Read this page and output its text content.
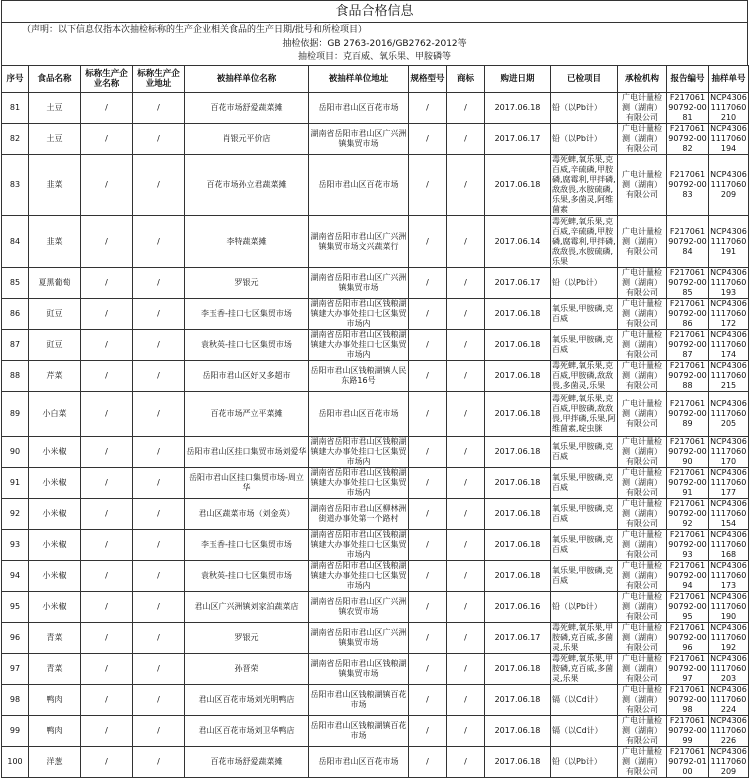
食品合格信息
（声明：以下信息仅指本次抽检标称的生产企业相关食品的生产日期/批号和所检项目）
抽检依据：GB 2763-2016/GB2762-2012等
抽检项目：克百威、氧乐果、甲胺磷等
序号	食品名称	标称生产企业名称	标称生产企业地址	被抽样单位名称	被抽样单位地址	规格型号	商标	购进日期	已检项目	承检机构	报告编号	抽样单号
81	土豆	/	/	百花市场舒爱蔬菜摊	岳阳市君山区百花市场	/	/	2017.06.18	铅（以Pb计）	广电计量检测（湖南）有限公司	F21706190792-0081	NCP43061117060210
82	土豆	/	/	肖银元平价店	湖南省岳阳市君山区广兴洲镇集贸市场	/	/	2017.06.17	铅（以Pb计）	广电计量检测（湖南）有限公司	F21706190792-0082	NCP43061117060194
83	韭菜	/	/	百花市场孙立君蔬菜摊	岳阳市君山区百花市场	/	/	2017.06.18	毒死蜱,氧乐果,克百威,辛硫磷,甲胺磷,腐霉利,甲拌磷,敌敌畏,水胺硫磷,乐果,多菌灵,阿维菌素	广电计量检测（湖南）有限公司	F21706190792-0083	NCP43061117060209
84	韭菜	/	/	李特蔬菜摊	湖南省岳阳市君山区广兴洲镇集贸市场文兴蔬菜行	/	/	2017.06.14	毒死蜱,氧乐果,克百威,辛硫磷,甲胺磷,腐霉利,甲拌磷,敌敌畏,水胺硫磷,乐果	广电计量检测（湖南）有限公司	F21706190792-0084	NCP43061117060191
85	夏黑葡萄	/	/	罗银元	湖南省岳阳市君山区广兴洲镇集贸市场	/	/	2017.06.17	铅（以Pb计）	广电计量检测（湖南）有限公司	F21706190792-0085	NCP43061117060193
86	豇豆	/	/	李玉香-挂口七区集贸市场	湖南省岳阳市君山区钱粮湖镇建大办事处挂口七区集贸市场内	/	/	2017.06.18	氧乐果,甲胺磷,克百威	广电计量检测（湖南）有限公司	F21706190792-0086	NCP43061117060172
87	豇豆	/	/	袁秋英-挂口七区集贸市场	湖南省岳阳市君山区钱粮湖镇建大办事处挂口七区集贸市场内	/	/	2017.06.18	氧乐果,甲胺磷,克百威	广电计量检测（湖南）有限公司	F21706190792-0087	NCP43061117060174
88	芹菜	/	/	岳阳市君山区好又多超市	岳阳市君山区钱粮湖镇人民东路16号	/	/	2017.06.18	毒死蜱,氧乐果,克百威,甲胺磷,敌敌畏,多菌灵,乐果	广电计量检测（湖南）有限公司	F21706190792-0088	NCP43061117060215
89	小白菜	/	/	百花市场严立平菜摊	岳阳市君山区百花市场	/	/	2017.06.18	毒死蜱,氧乐果,克百威,甲胺磷,敌敌畏,甲拌磷,乐果,阿维菌素,啶虫脒	广电计量检测（湖南）有限公司	F21706190792-0089	NCP43061117060205
90	小米椒	/	/	岳阳市君山区挂口集贸市场刘爱华	湖南省岳阳市君山区钱粮湖镇建大办事处挂口七区集贸市场内	/	/	2017.06.18	氧乐果,甲胺磷,克百威	广电计量检测（湖南）有限公司	F21706190792-0090	NCP43061117060170
91	小米椒	/	/	岳阳市君山区挂口集贸市场-周立华	湖南省岳阳市君山区钱粮湖镇建大办事处挂口七区集贸市场内	/	/	2017.06.18	氧乐果,甲胺磷,克百威	广电计量检测（湖南）有限公司	F21706190792-0091	NCP43061117060177
92	小米椒	/	/	君山区蔬菜市场（刘金英）	湖南省岳阳市君山区柳林洲街道办事处第一个路村	/	/	2017.06.18	氧乐果,甲胺磷,克百威	广电计量检测（湖南）有限公司	F21706190792-0092	NCP43061117060154
93	小米椒	/	/	李玉香-挂口七区集贸市场	湖南省岳阳市君山区钱粮湖镇建大办事处挂口七区集贸市场内	/	/	2017.06.18	氧乐果,甲胺磷,克百威	广电计量检测（湖南）有限公司	F21706190792-0093	NCP43061117060168
94	小米椒	/	/	袁秋英-挂口七区集贸市场	湖南省岳阳市君山区钱粮湖镇建大办事处挂口七区集贸市场内	/	/	2017.06.18	氧乐果,甲胺磷,克百威	广电计量检测（湖南）有限公司	F21706190792-0094	NCP43061117060173
95	小米椒	/	/	君山区广兴洲镇刘家泊蔬菜店	湖南省岳阳市君山区广兴洲镇农贸市场	/	/	2017.06.16	铅（以Pb计）	广电计量检测（湖南）有限公司	F21706190792-0095	NCP43061117060190
96	青菜	/	/	罗银元	湖南省岳阳市君山区广兴洲镇集贸市场	/	/	2017.06.17	毒死蜱,氧乐果,甲胺磷,克百威,多菌灵,乐果	广电计量检测（湖南）有限公司	F21706190792-0096	NCP43061117060192
97	青菜	/	/	孙晋荣	湖南省岳阳市君山区钱粮湖镇集贸市场	/	/	2017.06.18	毒死蜱,氧乐果,甲胺磷,克百威,多菌灵,乐果	广电计量检测（湖南）有限公司	F21706190792-0097	NCP43061117060203
98	鸭肉	/	/	君山区百花市场刘光明鸭店	岳阳市君山区钱粮湖镇百花市场	/	/	2017.06.18	镉（以Cd计）	广电计量检测（湖南）有限公司	F21706190792-0098	NCP43061117060224
99	鸭肉	/	/	君山区百花市场刘卫华鸭店	岳阳市君山区钱粮湖镇百花市场	/	/	2017.06.18	镉（以Cd计）	广电计量检测（湖南）有限公司	F21706190792-0099	NCP43061117060226
100	洋葱	/	/	百花市场舒爱蔬菜摊	岳阳市君山区百花市场	/	/	2017.06.18	铅（以Pb计）	广电计量检测（湖南）有限公司	F21706190792-0100	NCP43061117060209
